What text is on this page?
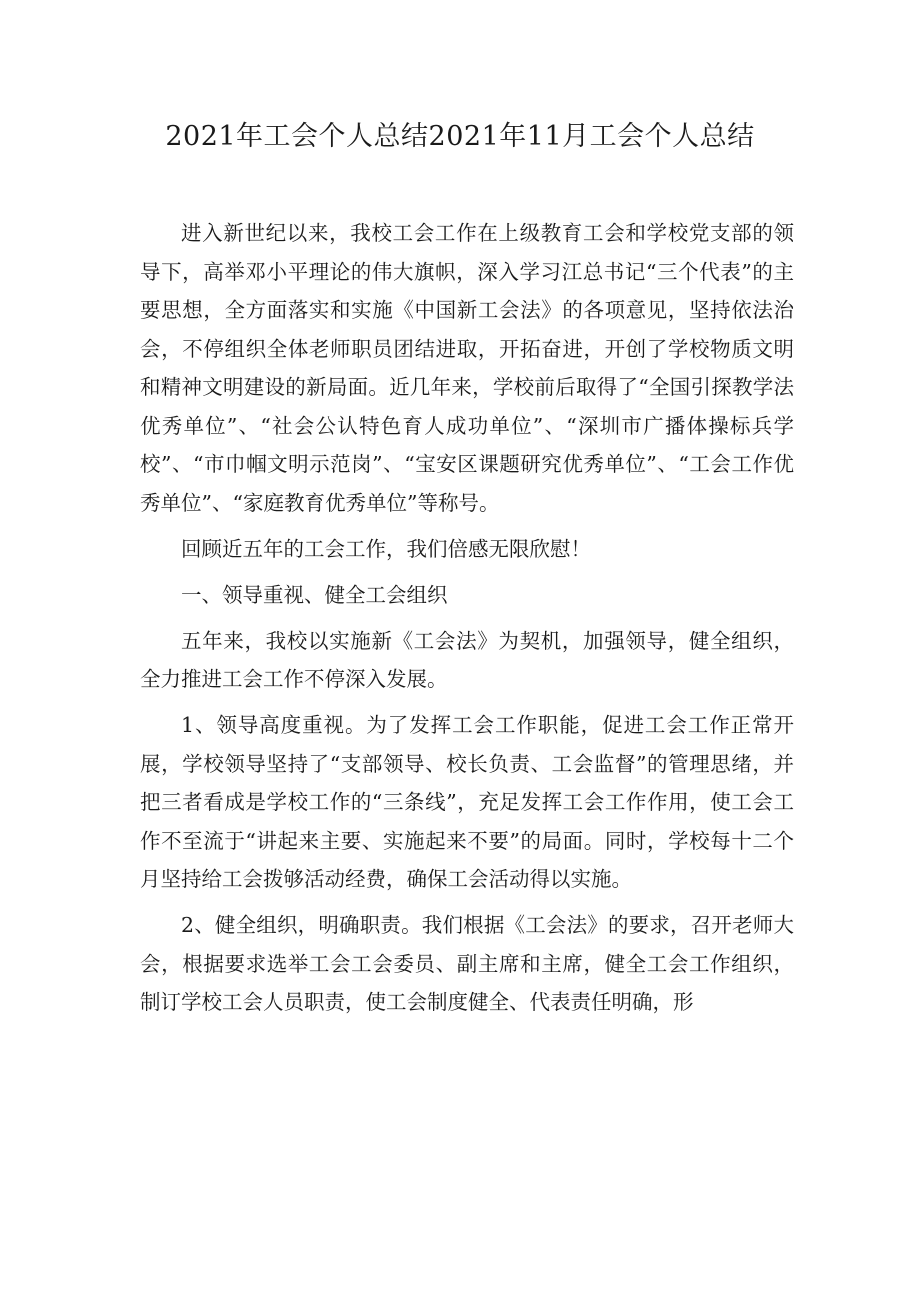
2021年工会个人总结2021年11月工会个人总结

进入新世纪以来，我校工会工作在上级教育工会和学校党支部的领导下，高举邓小平理论的伟大旗帜，深入学习江总书记“三个代表”的主要思想，全方面落实和实施《中国新工会法》的各项意见，坚持依法治会，不停组织全体老师职员团结进取，开拓奋进，开创了学校物质文明和精神文明建设的新局面。近几年来，学校前后取得了“全国引探教学法优秀单位”、“社会公认特色育人成功单位”、“深圳市广播体操标兵学校”、“市巾帼文明示范岗”、“宝安区课题研究优秀单位”、“工会工作优秀单位”、“家庭教育优秀单位”等称号。

回顾近五年的工会工作，我们倍感无限欣慰！

一、领导重视、健全工会组织

五年来，我校以实施新《工会法》为契机，加强领导，健全组织，全力推进工会工作不停深入发展。

1、领导高度重视。为了发挥工会工作职能，促进工会工作正常开展，学校领导坚持了“支部领导、校长负责、工会监督”的管理思绪，并把三者看成是学校工作的“三条线”，充足发挥工会工作作用，使工会工作不至流于“讲起来主要、实施起来不要”的局面。同时，学校每十二个月坚持给工会拨够活动经费，确保工会活动得以实施。

2、健全组织，明确职责。我们根据《工会法》的要求，召开老师大会，根据要求选举工会工会委员、副主席和主席，健全工会工作组织，制订学校工会人员职责，使工会制度健全、代表责任明确，形
